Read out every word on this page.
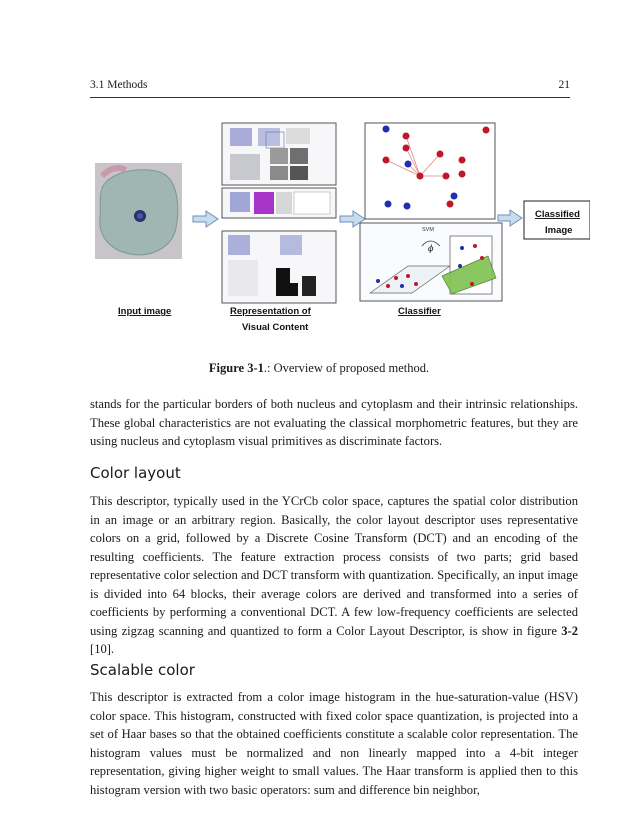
3.1 Methods	21
Input image	Representation of
Visual Content
SVM
ϕ
Classifier
Classified
Image
Figure 3-1.: Overview of proposed method.

stands for the particular borders of both nucleus and cytoplasm and their intrinsic relationships. These global characteristics are not evaluating the classical morphometric features, but they are using nucleus and cytoplasm visual primitives as discriminate factors.

Color layout

This descriptor, typically used in the YCrCb color space, captures the spatial color distribution in an image or an arbitrary region. Basically, the color layout descriptor uses representative colors on a grid, followed by a Discrete Cosine Transform (DCT) and an encoding of the resulting coefficients. The feature extraction process consists of two parts; grid based representative color selection and DCT transform with quantization. Specifically, an input image is divided into 64 blocks, their average colors are derived and transformed into a series of coefficients by performing a conventional DCT. A few low-frequency coefficients are selected using zigzag scanning and quantized to form a Color Layout Descriptor, is show in figure 3-2 [10].

Scalable color

This descriptor is extracted from a color image histogram in the hue-saturation-value (HSV) color space. This histogram, constructed with fixed color space quantization, is projected into a set of Haar bases so that the obtained coefficients constitute a scalable color representation. The histogram values must be normalized and non linearly mapped into a 4-bit integer representation, giving higher weight to small values. The Haar transform is applied then to this histogram version with two basic operators: sum and difference bin neighbor,
